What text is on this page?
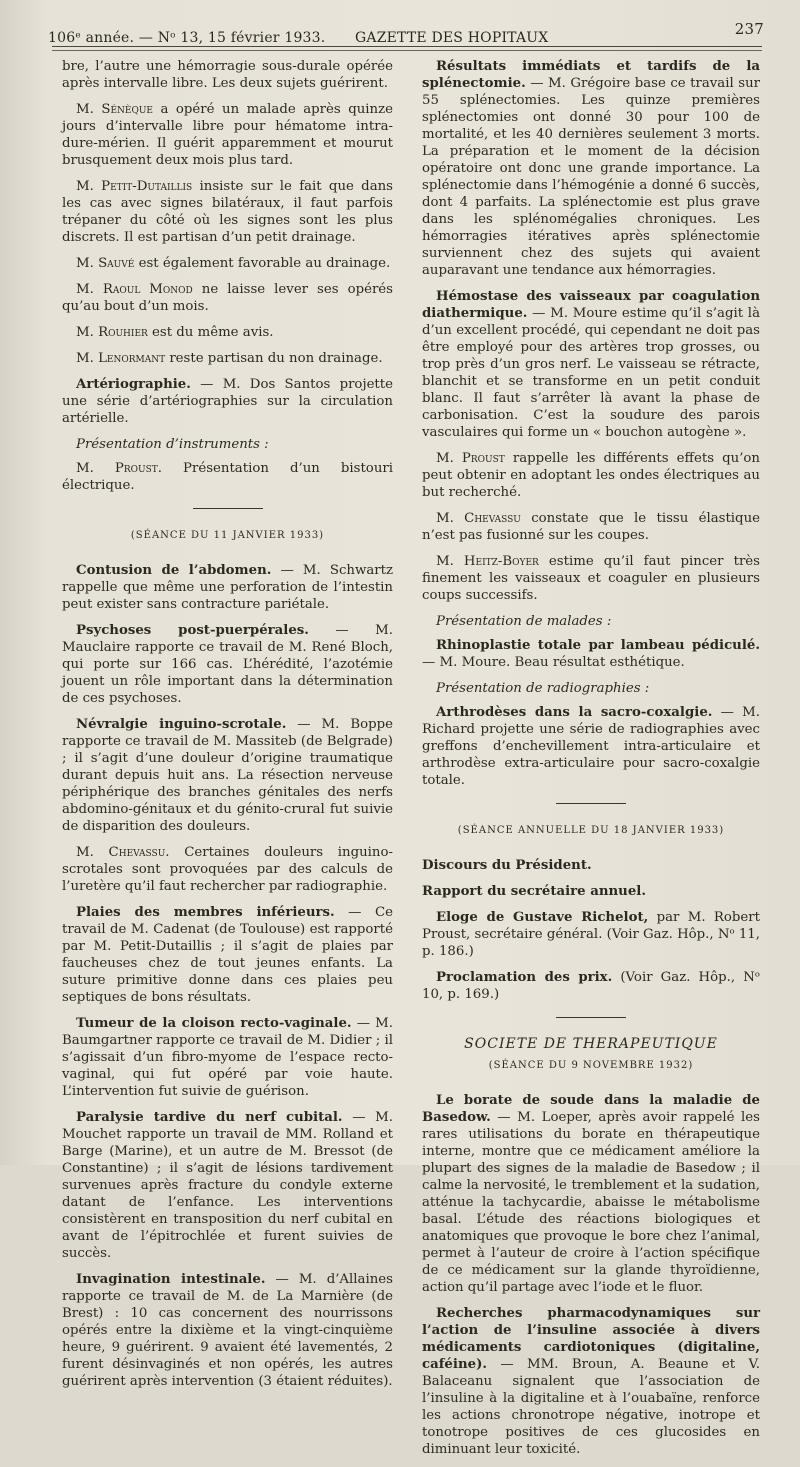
106ᵉ année. — Nᵒ 13, 15 février 1933. GAZETTE DES HOPITAUX	237

bre, l’autre une hémorragie sous-durale opérée après intervalle libre. Les deux sujets guérirent.

M. Sénèque a opéré un malade après quinze jours d’intervalle libre pour hématome intra-dure-mérien. Il guérit apparemment et mourut brusquement deux mois plus tard.

M. Petit-Dutaillis insiste sur le fait que dans les cas avec signes bilatéraux, il faut parfois trépaner du côté où les signes sont les plus discrets. Il est partisan d’un petit drainage.

M. Sauvé est également favorable au drainage.

M. Raoul Monod ne laisse lever ses opérés qu’au bout d’un mois.

M. Rouhier est du même avis.

M. Lenormant reste partisan du non drainage.

Artériographie. — M. Dos Santos projette une série d’artériographies sur la circulation artérielle.

Présentation d’instruments :

M. Proust. Présentation d’un bistouri électrique.

(SÉANCE DU 11 JANVIER 1933)

Contusion de l’abdomen. — M. Schwartz rappelle que même une perforation de l’intestin peut exister sans contracture pariétale.

Psychoses post-puerpérales. — M. Mauclaire rapporte ce travail de M. René Bloch, qui porte sur 166 cas. L’hérédité, l’azotémie jouent un rôle important dans la détermination de ces psychoses.

Névralgie inguino-scrotale. — M. Boppe rapporte ce travail de M. Massiteb (de Belgrade) ; il s’agit d’une douleur d’origine traumatique durant depuis huit ans. La résection nerveuse périphérique des branches génitales des nerfs abdomino-génitaux et du génito-crural fut suivie de disparition des douleurs.

M. Chevassu. Certaines douleurs inguino-scrotales sont provoquées par des calculs de l’uretère qu’il faut rechercher par radiographie.

Plaies des membres inférieurs. — Ce travail de M. Cadenat (de Toulouse) est rapporté par M. Petit-Dutaillis ; il s’agit de plaies par faucheuses chez de tout jeunes enfants. La suture primitive donne dans ces plaies peu septiques de bons résultats.

Tumeur de la cloison recto-vaginale. — M. Baumgartner rapporte ce travail de M. Didier ; il s’agissait d’un fibro-myome de l’espace recto-vaginal, qui fut opéré par voie haute. L’intervention fut suivie de guérison.

Paralysie tardive du nerf cubital. — M. Mouchet rapporte un travail de MM. Rolland et Barge (Marine), et un autre de M. Bressot (de Constantine) ; il s’agit de lésions tardivement survenues après fracture du condyle externe datant de l’enfance. Les interventions consistèrent en transposition du nerf cubital en avant de l’épitrochlée et furent suivies de succès.

Invagination intestinale. — M. d’Allaines rapporte ce travail de M. de La Marnière (de Brest) : 10 cas concernent des nourrissons opérés entre la dixième et la vingt-cinquième heure, 9 guérirent. 9 avaient été lavementés, 2 furent désinvaginés et non opérés, les autres guérirent après intervention (3 étaient réduites).

Résultats immédiats et tardifs de la splénectomie. — M. Grégoire base ce travail sur 55 splénectomies. Les quinze premières splénectomies ont donné 30 pour 100 de mortalité, et les 40 dernières seulement 3 morts. La préparation et le moment de la décision opératoire ont donc une grande importance. La splénectomie dans l’hémogénie a donné 6 succès, dont 4 parfaits. La splénectomie est plus grave dans les splénomégalies chroniques. Les hémorragies itératives après splénectomie surviennent chez des sujets qui avaient auparavant une tendance aux hémorragies.

Hémostase des vaisseaux par coagulation diathermique. — M. Moure estime qu’il s’agit là d’un excellent procédé, qui cependant ne doit pas être employé pour des artères trop grosses, ou trop près d’un gros nerf. Le vaisseau se rétracte, blanchit et se transforme en un petit conduit blanc. Il faut s’arrêter là avant la phase de carbonisation. C’est la soudure des parois vasculaires qui forme un « bouchon autogène ».

M. Proust rappelle les différents effets qu’on peut obtenir en adoptant les ondes électriques au but recherché.

M. Chevassu constate que le tissu élastique n’est pas fusionné sur les coupes.

M. Heitz-Boyer estime qu’il faut pincer très finement les vaisseaux et coaguler en plusieurs coups successifs.

Présentation de malades :

Rhinoplastie totale par lambeau pédiculé. — M. Moure. Beau résultat esthétique.

Présentation de radiographies :

Arthrodèses dans la sacro-coxalgie. — M. Richard projette une série de radiographies avec greffons d’enchevillement intra-articulaire et arthrodèse extra-articulaire pour sacro-coxalgie totale.

(SÉANCE ANNUELLE DU 18 JANVIER 1933)

Discours du Président.

Rapport du secrétaire annuel.

Eloge de Gustave Richelot, par M. Robert Proust, secrétaire général. (Voir Gaz. Hôp., Nᵒ 11, p. 186.)

Proclamation des prix. (Voir Gaz. Hôp., Nᵒ 10, p. 169.)

SOCIETE DE THERAPEUTIQUE

(SÉANCE DU 9 NOVEMBRE 1932)

Le borate de soude dans la maladie de Basedow. — M. Loeper, après avoir rappelé les rares utilisations du borate en thérapeutique interne, montre que ce médicament améliore la plupart des signes de la maladie de Basedow ; il calme la nervosité, le tremblement et la sudation, atténue la tachycardie, abaisse le métabolisme basal. L’étude des réactions biologiques et anatomiques que provoque le bore chez l’animal, permet à l’auteur de croire à l’action spécifique de ce médicament sur la glande thyroïdienne, action qu’il partage avec l’iode et le fluor.

Recherches pharmacodynamiques sur l’action de l’insuline associée à divers médicaments cardiotoniques (digitaline, caféine). — MM. Broun, A. Beaune et V. Balaceanu signalent que l’association de l’insuline à la digitaline et à l’ouabaïne, renforce les actions chronotrope négative, inotrope et tonotrope positives de ces glucosides en diminuant leur toxicité.
